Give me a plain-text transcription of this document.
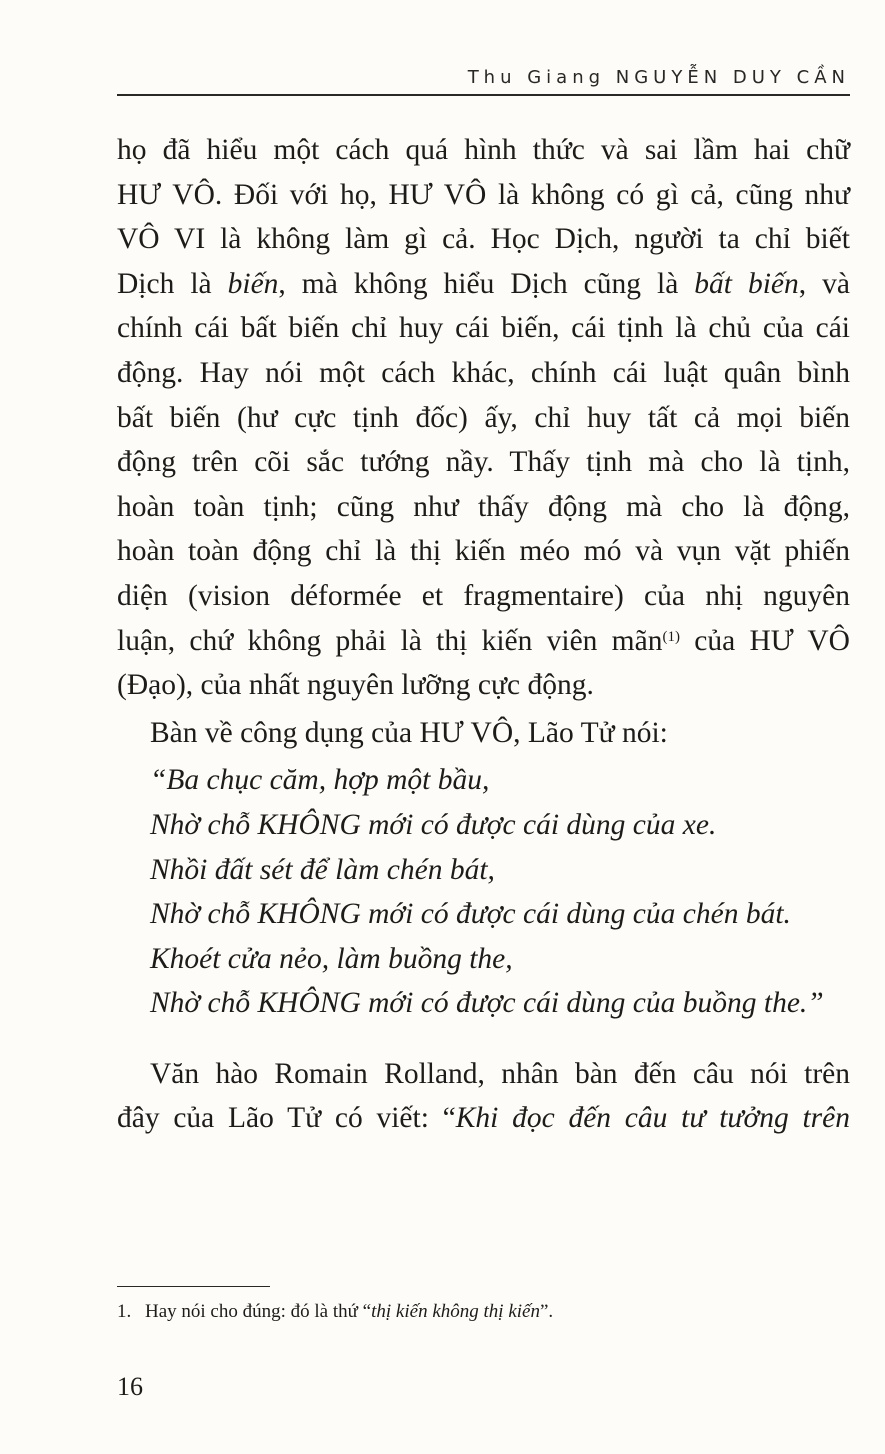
Thu Giang NGUYỄN DUY CẦN
họ đã hiểu một cách quá hình thức và sai lầm hai chữ
HƯ VÔ. Đối với họ, HƯ VÔ là không có gì cả, cũng như
VÔ VI là không làm gì cả. Học Dịch, người ta chỉ biết
Dịch là biến, mà không hiểu Dịch cũng là bất biến, và
chính cái bất biến chỉ huy cái biến, cái tịnh là chủ của cái
động. Hay nói một cách khác, chính cái luật quân bình
bất biến (hư cực tịnh đốc) ấy, chỉ huy tất cả mọi biến
động trên cõi sắc tướng nầy. Thấy tịnh mà cho là tịnh,
hoàn toàn tịnh; cũng như thấy động mà cho là động,
hoàn toàn động chỉ là thị kiến méo mó và vụn vặt phiến
diện (vision déformée et fragmentaire) của nhị nguyên
luận, chứ không phải là thị kiến viên mãn$^{(1)}$ của HƯ VÔ
(Đạo), của nhất nguyên lưỡng cực động.
Bàn về công dụng của HƯ VÔ, Lão Tử nói:
“Ba chục căm, hợp một bầu,
Nhờ chỗ KHÔNG mới có được cái dùng của xe.
Nhồi đất sét để làm chén bát,
Nhờ chỗ KHÔNG mới có được cái dùng của chén bát.
Khoét cửa nẻo, làm buồng the,
Nhờ chỗ KHÔNG mới có được cái dùng của buồng the.”
Văn hào Romain Rolland, nhân bàn đến câu nói trên
đây của Lão Tử có viết: “Khi đọc đến câu tư tưởng trên
1. Hay nói cho đúng: đó là thứ “thị kiến không thị kiến”.
16
